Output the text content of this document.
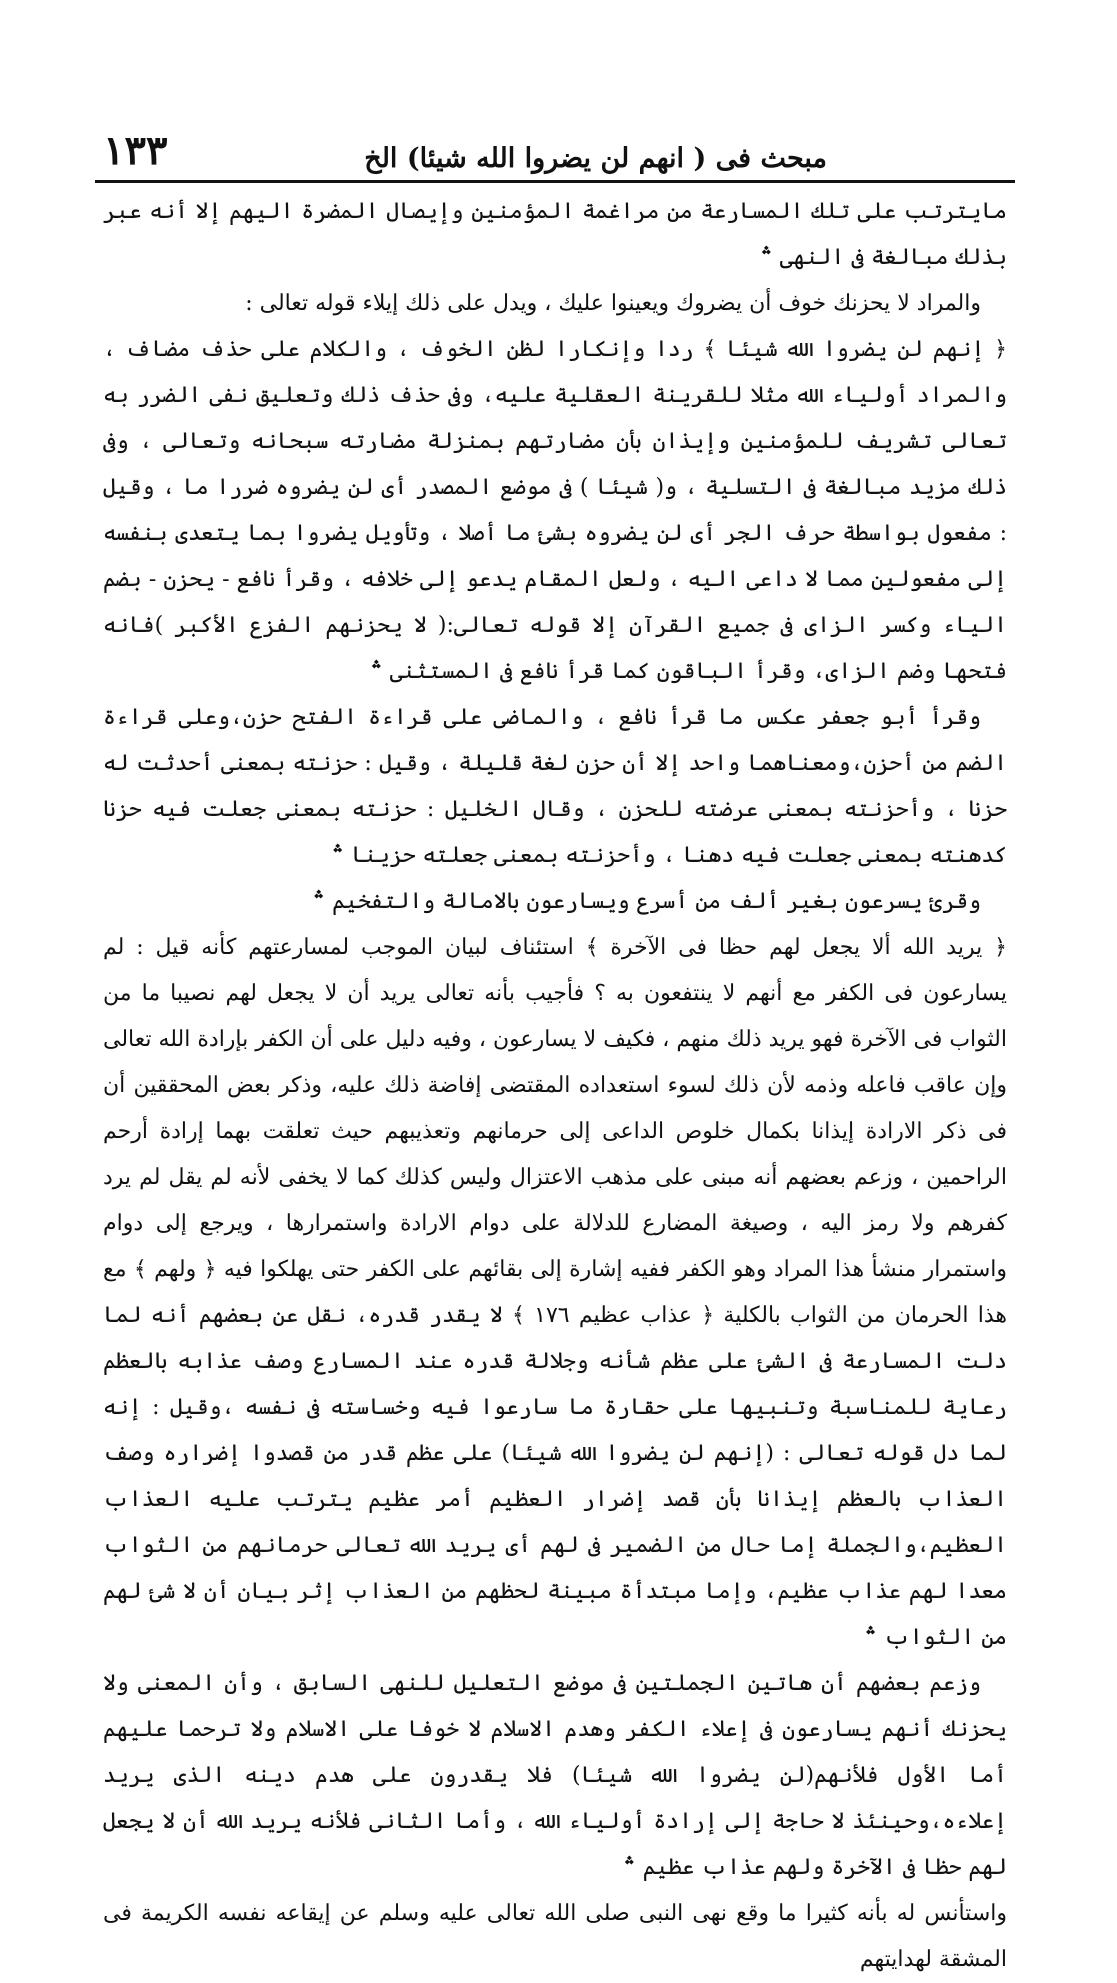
مبحث فى ( انهم لن يضروا الله شيئا) الخ
١٣٣

مايترتب على تلك المسارعة من مراغمة المؤمنين وإيصال المضرة اليهم إلا أنه عبر بذلك مبالغة فى النهى ؞

والمراد لا يحزنك خوف أن يضروك ويعينوا عليك ، ويدل على ذلك إيلاء قوله تعالى :

﴿ إنهم لن يضروا الله شيئا ﴾ ردا وإنكارا لظن الخوف ، والكلام على حذف مضاف ، والمراد أولياء الله مثلا للقرينة العقلية عليه، وفى حذف ذلك وتعليق نفى الضرر به تعالى تشريف للمؤمنين وإيذان بأن مضارتهم بمنزلة مضارته سبحانه وتعالى ، وفى ذلك مزيد مبالغة فى التسلية ، و( شيئا ) فى موضع المصدر أى لن يضروه ضررا ما ، وقيل : مفعول بواسطة حرف الجر أى لن يضروه بشئ ما أصلا ، وتأويل يضروا بما يتعدى بنفسه إلى مفعولين مما لا داعى اليه ، ولعل المقام يدعو إلى خلافه ، وقرأ نافع - يحزن - بضم الياء وكسر الزاى فى جميع القرآن إلا قوله تعالى:( لا يحزنهم الفزع الأكبر )فانه فتحها وضم الزاى، وقرأ الباقون كما قرأ نافع فى المستثنى ؞

وقرأ أبو جعفر عكس ما قرأ نافع ، والماضى على قراءة الفتح حزن،وعلى قراءة الضم من أحزن،ومعناهما واحد إلا أن حزن لغة قليلة ، وقيل : حزنته بمعنى أحدثت له حزنا ، وأحزنته بمعنى عرضته للحزن ، وقال الخليل : حزنته بمعنى جعلت فيه حزنا كدهنته بمعنى جعلت فيه دهنا ، وأحزنته بمعنى جعلته حزينا ؞

وقرئ يسرعون بغير ألف من أسرع ويسارعون بالامالة والتفخيم ؞

﴿ يريد الله ألا يجعل لهم حظا فى الآخرة ﴾ استئناف لبيان الموجب لمسارعتهم كأنه قيل : لم يسارعون فى الكفر مع أنهم لا ينتفعون به ؟ فأجيب بأنه تعالى يريد أن لا يجعل لهم نصيبا ما من الثواب فى الآخرة فهو يريد ذلك منهم ، فكيف لا يسارعون ، وفيه دليل على أن الكفر بإرادة الله تعالى وإن عاقب فاعله وذمه لأن ذلك لسوء استعداده المقتضى إفاضة ذلك عليه، وذكر بعض المحققين أن فى ذكر الارادة إيذانا بكمال خلوص الداعى إلى حرمانهم وتعذيبهم حيث تعلقت بهما إرادة أرحم الراحمين ، وزعم بعضهم أنه مبنى على مذهب الاعتزال وليس كذلك كما لا يخفى لأنه لم يقل لم يرد كفرهم ولا رمز اليه ، وصيغة المضارع للدلالة على دوام الارادة واستمرارها ، ويرجع إلى دوام واستمرار منشأ هذا المراد وهو الكفر ففيه إشارة إلى بقائهم على الكفر حتى يهلكوا فيه ﴿ ولهم ﴾ مع هذا الحرمان من الثواب بالكلية ﴿ عذاب عظيم ١٧٦ ﴾ لا يقدر قدره، نقل عن بعضهم أنه لما دلت المسارعة فى الشئ على عظم شأنه وجلالة قدره عند المسارع وصف عذابه بالعظم رعاية للمناسبة وتنبيها على حقارة ما سارعوا فيه وخساسته فى نفسه ،وقيل : إنه لما دل قوله تعالى : (إنهم لن يضروا الله شيئا) على عظم قدر من قصدوا إضراره وصف العذاب بالعظم إيذانا بأن قصد إضرار العظيم أمر عظيم يترتب عليه العذاب العظيم،والجملة إما حال من الضمير فى لهم أى يريد الله تعالى حرمانهم من الثواب معدا لهم عذاب عظيم، وإما مبتدأة مبينة لحظهم من العذاب إثر بيان أن لا شئ لهم من الثواب ؞

وزعم بعضهم أن هاتين الجملتين فى موضع التعليل للنهى السابق ، وأن المعنى ولا يحزنك أنهم يسارعون فى إعلاء الكفر وهدم الاسلام لا خوفا على الاسلام ولا ترحما عليهم أما الأول فلأنهم(لن يضروا الله شيئا) فلا يقدرون على هدم دينه الذى يريد إعلاءه،وحينئذ لا حاجة إلى إرادة أولياء الله ، وأما الثانى فلأنه يريد الله أن لا يجعل لهم حظا فى الآخرة ولهم عذاب عظيم ؞

واستأنس له بأنه كثيرا ما وقع نهى النبى صلى الله تعالى عليه وسلم عن إيقاعه نفسه الكريمة فى المشقة لهدايتهم
